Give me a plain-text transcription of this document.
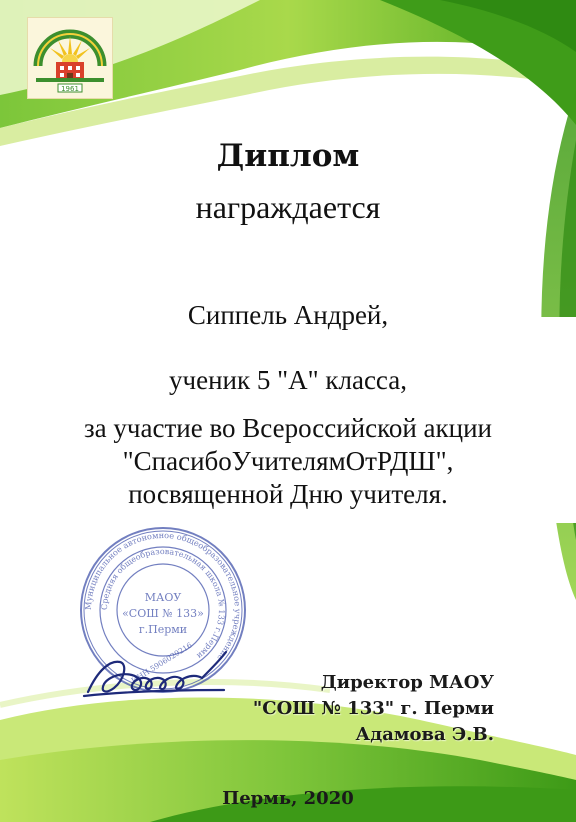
1961
Диплом
награждается
Сиппель Андрей,
ученик 5 "А" класса,
за участие во Всероссийской акции
"СпасибоУчителямОтРДШ",
посвященной Дню учителя.
Муниципальное автономное общеобразовательное учреждение
Средняя общеобразовательная школа № 133 г.Перми
МАОУ
«СОШ № 133»
г.Перми
ИНН 5906029216	Директор МАОУ
"СОШ № 133" г. Перми
Адамова Э.В.
Пермь, 2020
